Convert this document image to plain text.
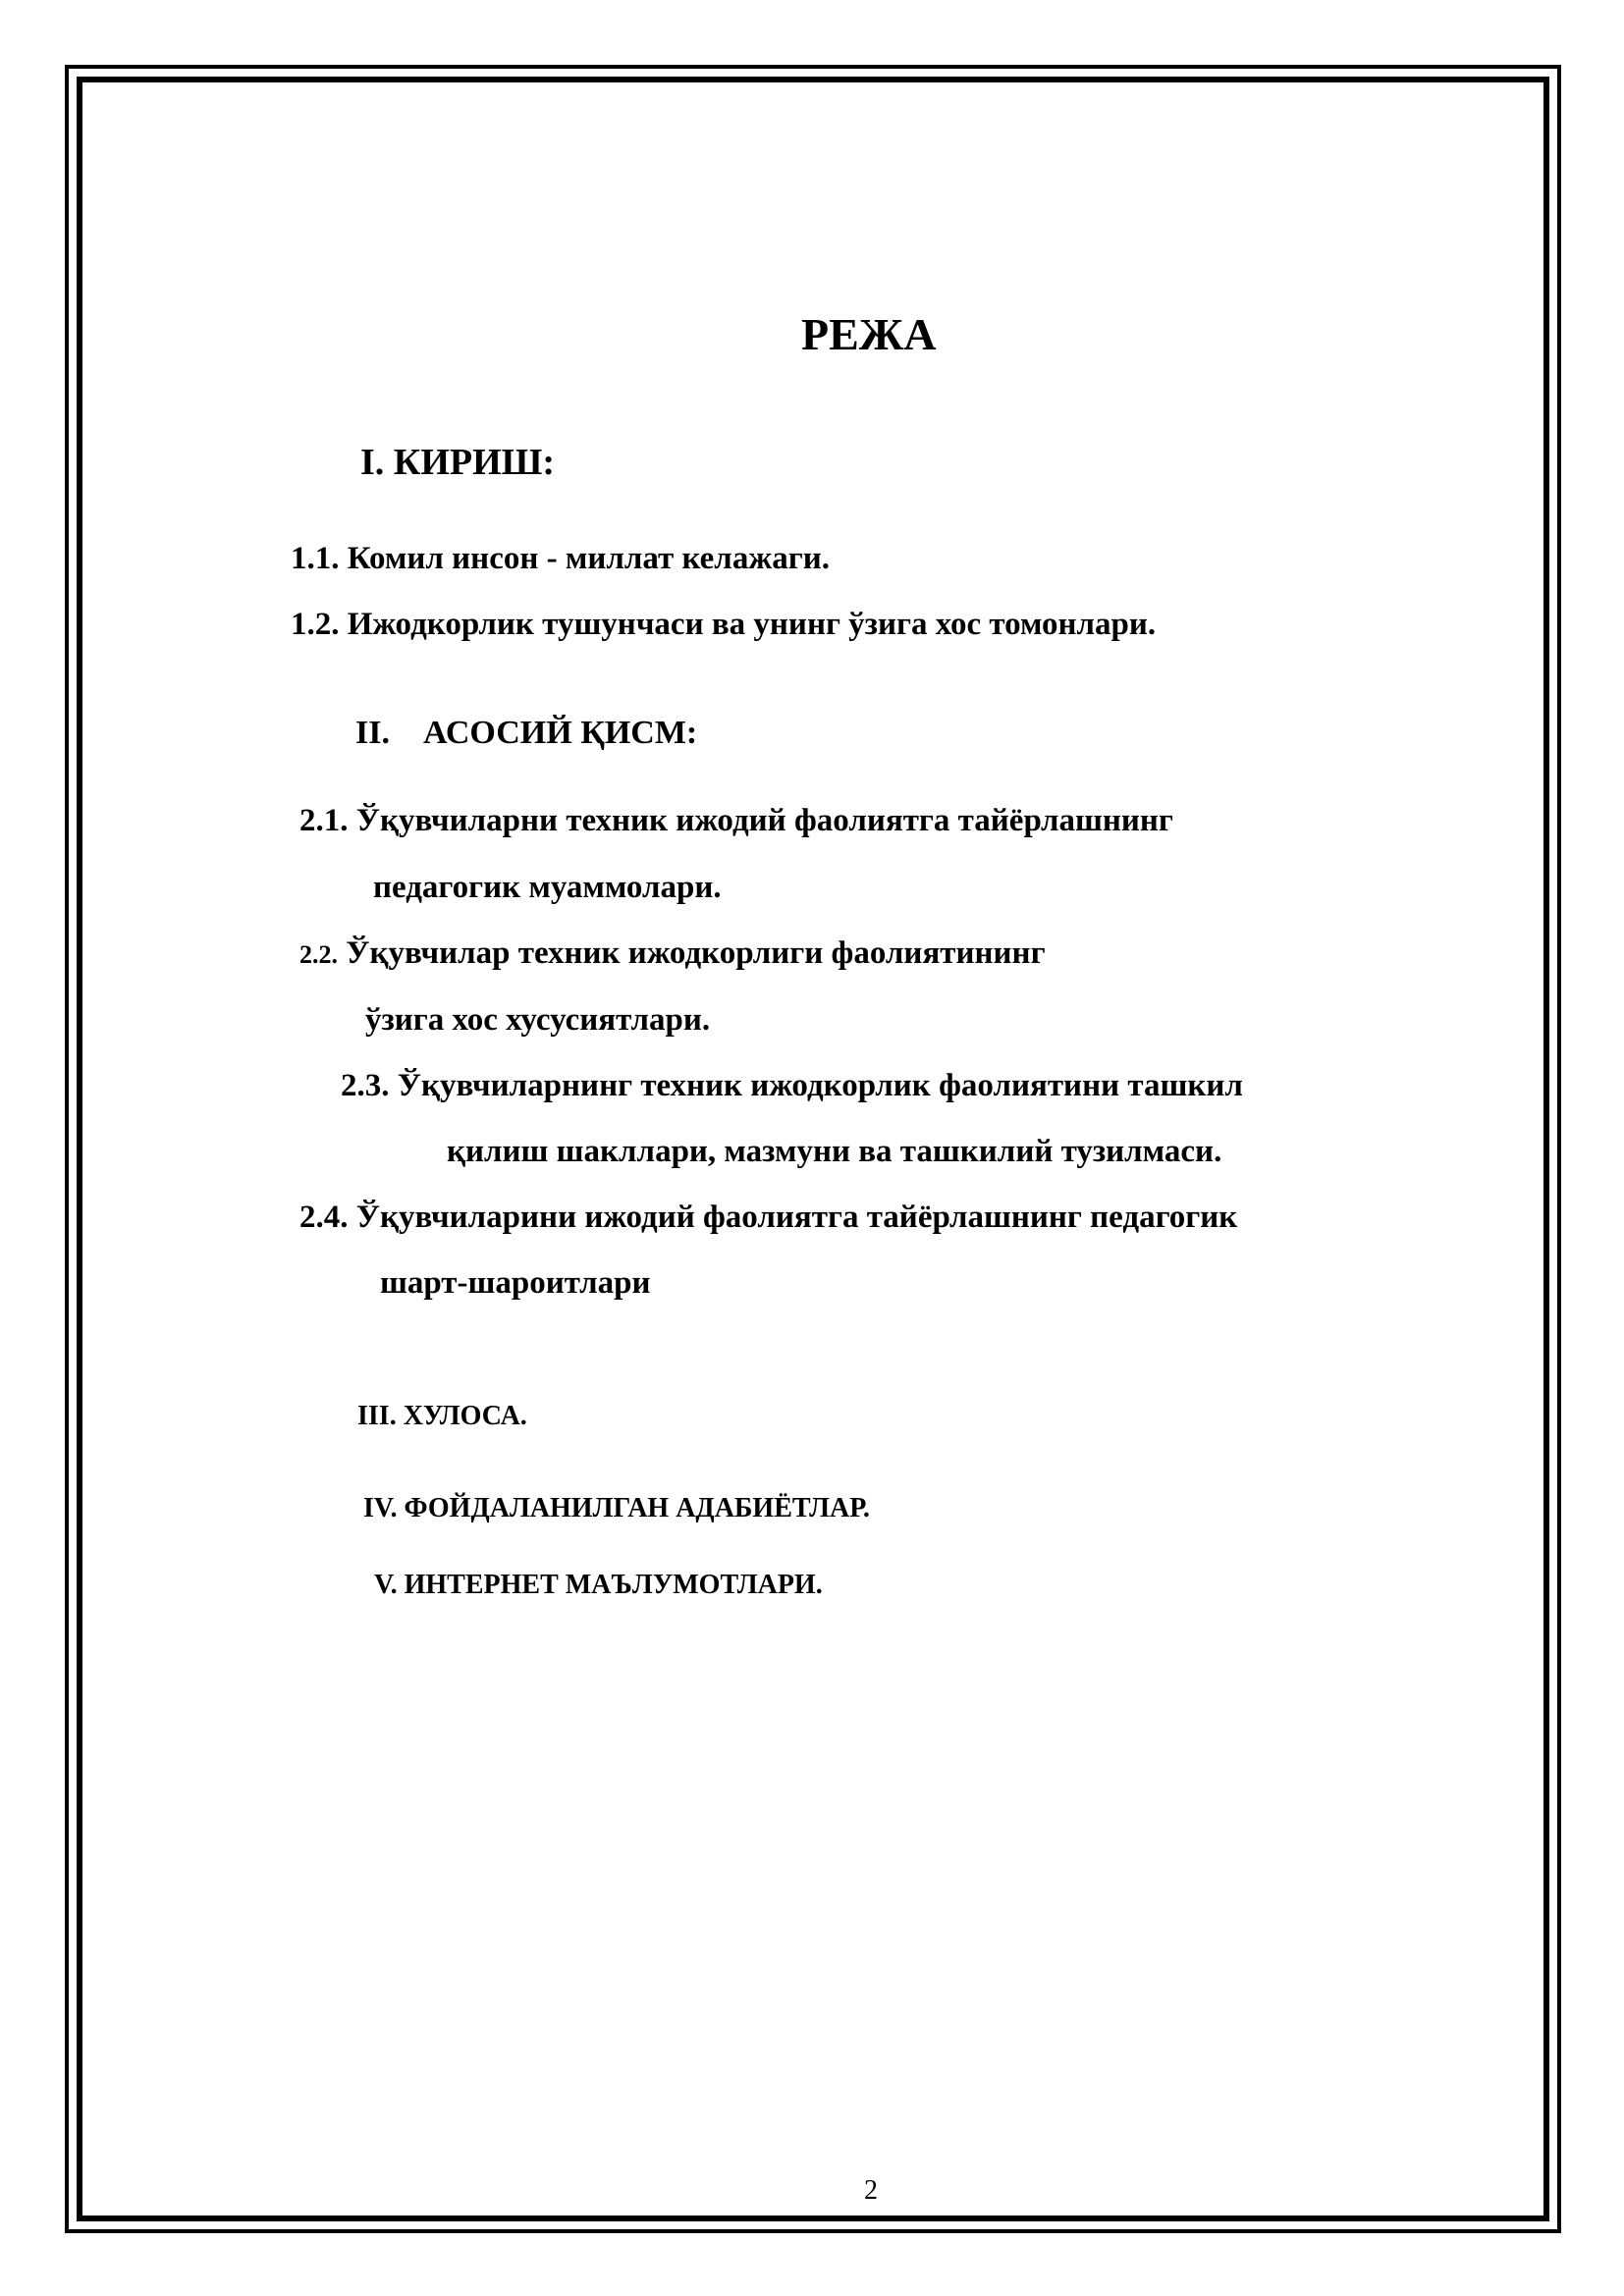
РЕЖА
I. КИРИШ:
1.1. Комил инсон - миллат келажаги.
1.2. Ижодкорлик тушунчаси ва унинг ўзига хос томонлари.
II. АСОСИЙ ҚИСМ:
2.1. Ўқувчиларни техник ижодий фаолиятга тайёрлашнинг
педагогик муаммолари.
2.2. Ўқувчилар техник ижодкорлиги фаолиятининг
ўзига хос хусусиятлари.
2.3. Ўқувчиларнинг техник ижодкорлик фаолиятини ташкил
қилиш шакллари, мазмуни ва ташкилий тузилмаси.
2.4. Ўқувчиларини ижодий фаолиятга тайёрлашнинг педагогик
шарт-шароитлари
III. ХУЛОСА.
IV. ФОЙДАЛАНИЛГАН АДАБИЁТЛАР.
V. ИНТЕРНЕТ МАЪЛУМОТЛАРИ.
2
